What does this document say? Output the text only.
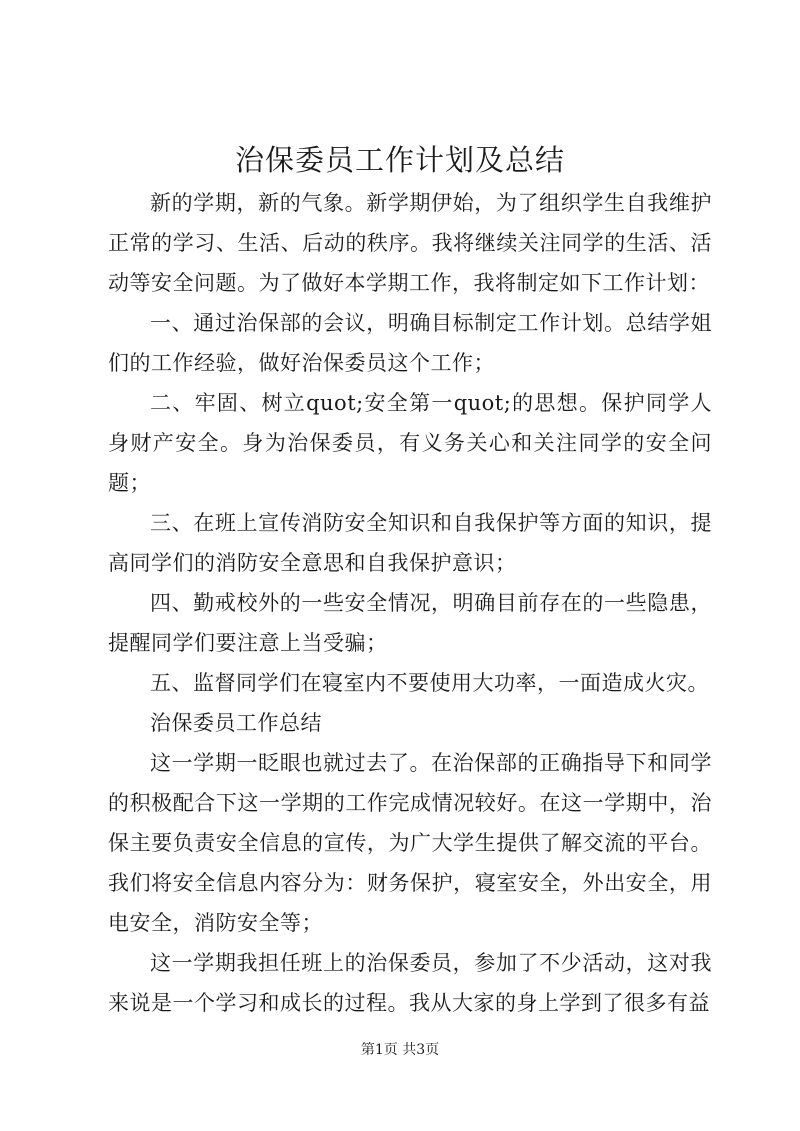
治保委员工作计划及总结

新的学期，新的气象。新学期伊始，为了组织学生自我维护正常的学习、生活、后动的秩序。我将继续关注同学的生活、活动等安全问题。为了做好本学期工作，我将制定如下工作计划：

一、通过治保部的会议，明确目标制定工作计划。总结学姐们的工作经验，做好治保委员这个工作；

二、牢固、树立quot;安全第一quot;的思想。保护同学人身财产安全。身为治保委员，有义务关心和关注同学的安全问题；

三、在班上宣传消防安全知识和自我保护等方面的知识，提高同学们的消防安全意思和自我保护意识；

四、勤戒校外的一些安全情况，明确目前存在的一些隐患，提醒同学们要注意上当受骗；

五、监督同学们在寝室内不要使用大功率，一面造成火灾。

治保委员工作总结

这一学期一眨眼也就过去了。在治保部的正确指导下和同学的积极配合下这一学期的工作完成情况较好。在这一学期中，治保主要负责安全信息的宣传，为广大学生提供了解交流的平台。我们将安全信息内容分为：财务保护，寝室安全，外出安全，用电安全，消防安全等；

这一学期我担任班上的治保委员，参加了不少活动，这对我来说是一个学习和成长的过程。我从大家的身上学到了很多有益

第1页 共3页
